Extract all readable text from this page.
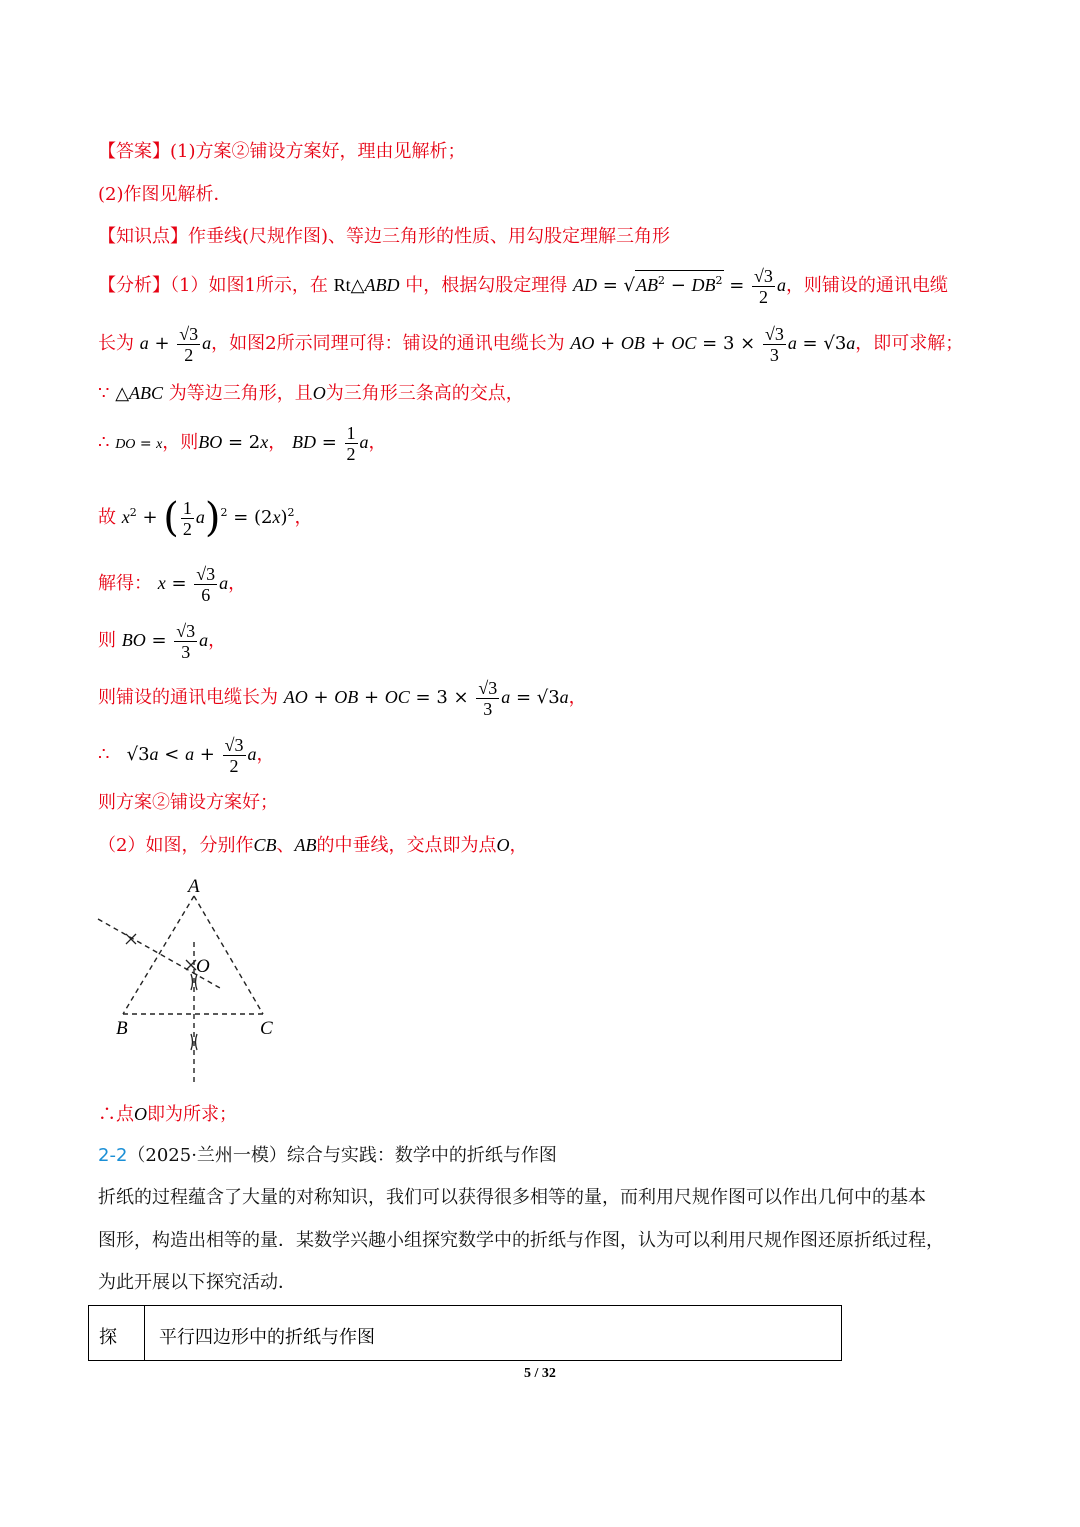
【答案】(1)方案②铺设方案好，理由见解析；
(2)作图见解析．
【知识点】作垂线(尺规作图)、等边三角形的性质、用勾股定理解三角形
【分析】（1）如图1所示，在 Rt△ABD 中，根据勾股定理得 AD = $√AB^2 - DB^2 = \frac{√3}{2}$ a，则铺设的通讯电缆
长为 $a + \frac{√3}{2}$ a，如图2所示同理可得：铺设的通讯电缆长为 AO + OB + OC = $3 \times \frac{√3}{3}$ a = √3a，即可求解；
∵ △ABC 为等边三角形，且O为三角形三条高的交点，
∴ DO = x，则BO = 2x， BD = $\frac{1}{2}$ a，
故 $x^2$ + ( $\frac{1}{2} a)^2 = (2x)^2$，
解得： $x = \frac{√3}{6}$ a，
则 BO = $\frac{√3}{3}$ a，
则铺设的通讯电缆长为 AO + OB + OC = $3 \times \frac{√3}{3}$ a = √3a，
∴ $√3a < a + \frac{√3}{2}$ a，
则方案②铺设方案好；
（2）如图，分别作CB、AB的中垂线，交点即为点O，
A
B	C
O
∴点O即为所求；
2-2（2025·兰州一模）综合与实践：数学中的折纸与作图
折纸的过程蕴含了大量的对称知识，我们可以获得很多相等的量，而利用尺规作图可以作出几何中的基本
图形，构造出相等的量．某数学兴趣小组探究数学中的折纸与作图，认为可以利用尺规作图还原折纸过程，
为此开展以下探究活动．
探	平行四边形中的折纸与作图
5 / 32
